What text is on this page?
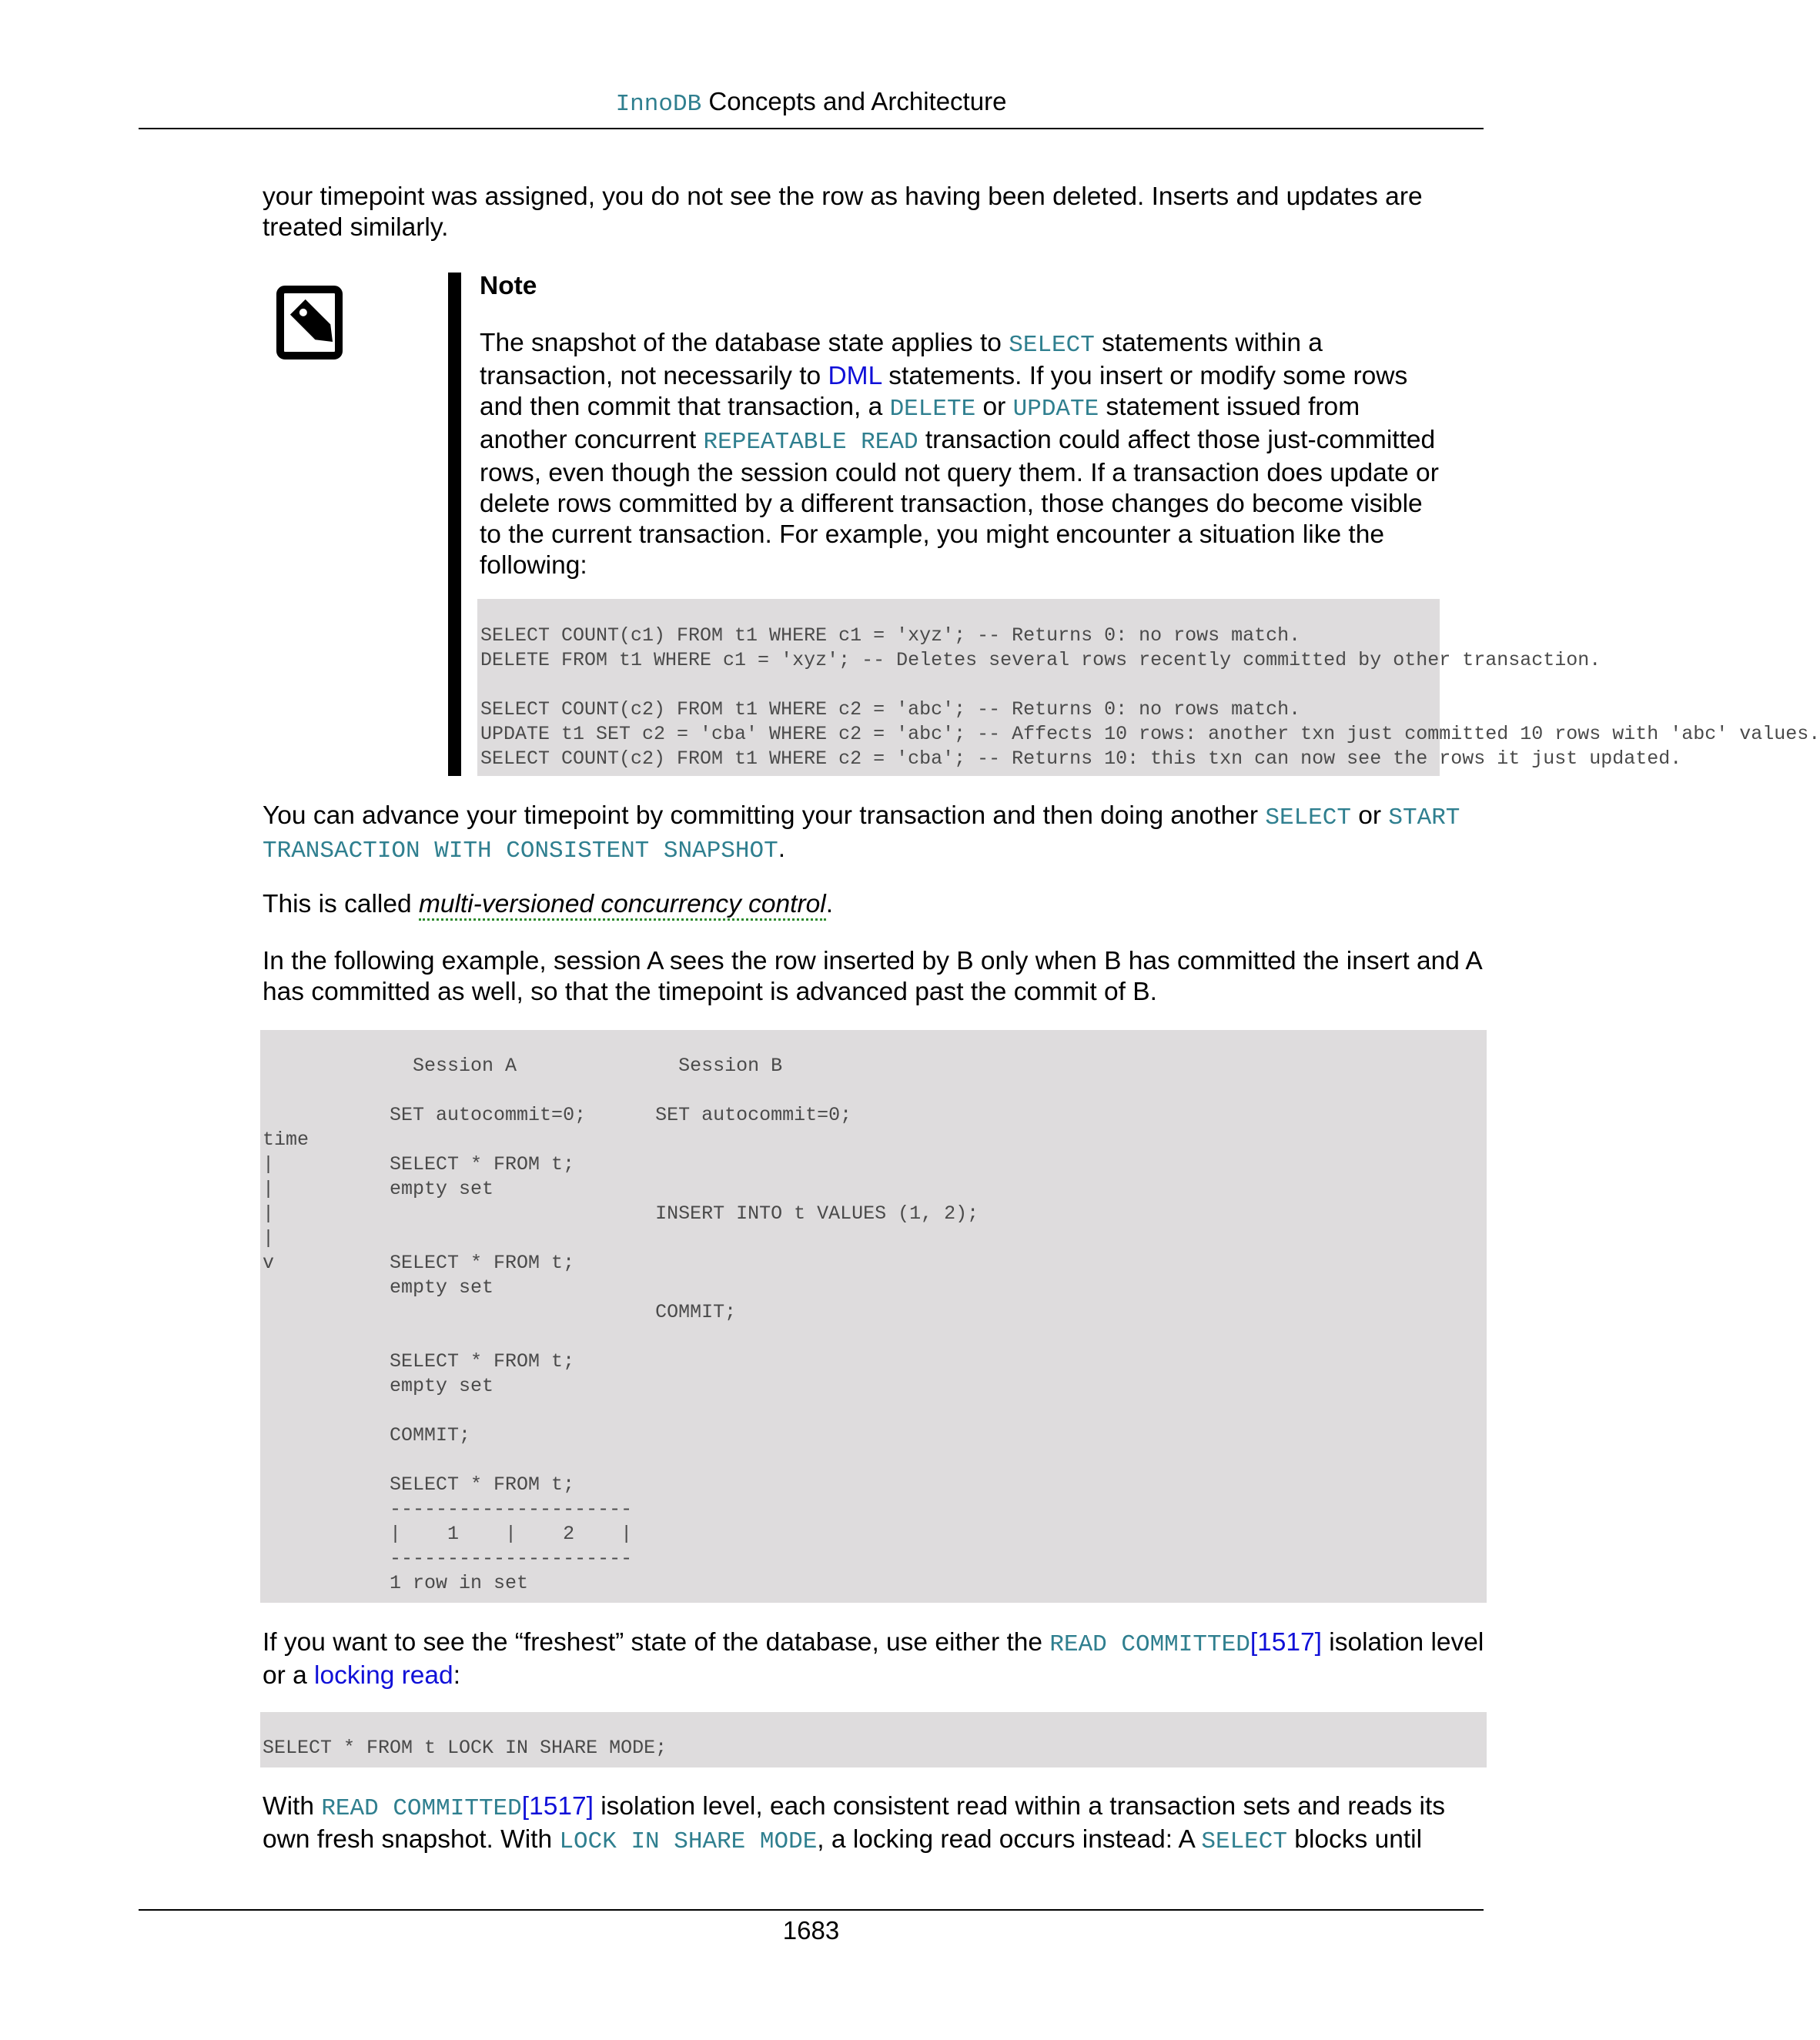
InnoDB Concepts and Architecture
your timepoint was assigned, you do not see the row as having been deleted. Inserts and updates are treated similarly.
Note
The snapshot of the database state applies to SELECT statements within a transaction, not necessarily to DML statements. If you insert or modify some rows and then commit that transaction, a DELETE or UPDATE statement issued from another concurrent REPEATABLE READ transaction could affect those just-committed rows, even though the session could not query them. If a transaction does update or delete rows committed by a different transaction, those changes do become visible to the current transaction. For example, you might encounter a situation like the following:
SELECT COUNT(c1) FROM t1 WHERE c1 = 'xyz'; -- Returns 0: no rows match.
DELETE FROM t1 WHERE c1 = 'xyz'; -- Deletes several rows recently committed by other transaction.

SELECT COUNT(c2) FROM t1 WHERE c2 = 'abc'; -- Returns 0: no rows match.
UPDATE t1 SET c2 = 'cba' WHERE c2 = 'abc'; -- Affects 10 rows: another txn just committed 10 rows with 'abc' values.
SELECT COUNT(c2) FROM t1 WHERE c2 = 'cba'; -- Returns 10: this txn can now see the rows it just updated.
You can advance your timepoint by committing your transaction and then doing another SELECT or START TRANSACTION WITH CONSISTENT SNAPSHOT.
This is called multi-versioned concurrency control.
In the following example, session A sees the row inserted by B only when B has committed the insert and A has committed as well, so that the timepoint is advanced past the commit of B.
Session A              Session B

SET autocommit=0;      SET autocommit=0;
time
|          SELECT * FROM t;
|          empty set
|                                 INSERT INTO t VALUES (1, 2);
|
v          SELECT * FROM t;
empty set
COMMIT;

SELECT * FROM t;
empty set

COMMIT;

SELECT * FROM t;
---------------------
|    1    |    2    |
---------------------
1 row in set
If you want to see the “freshest” state of the database, use either the READ COMMITTED[1517] isolation level or a locking read:
SELECT * FROM t LOCK IN SHARE MODE;
With READ COMMITTED[1517] isolation level, each consistent read within a transaction sets and reads its own fresh snapshot. With LOCK IN SHARE MODE, a locking read occurs instead: A SELECT blocks until
1683
